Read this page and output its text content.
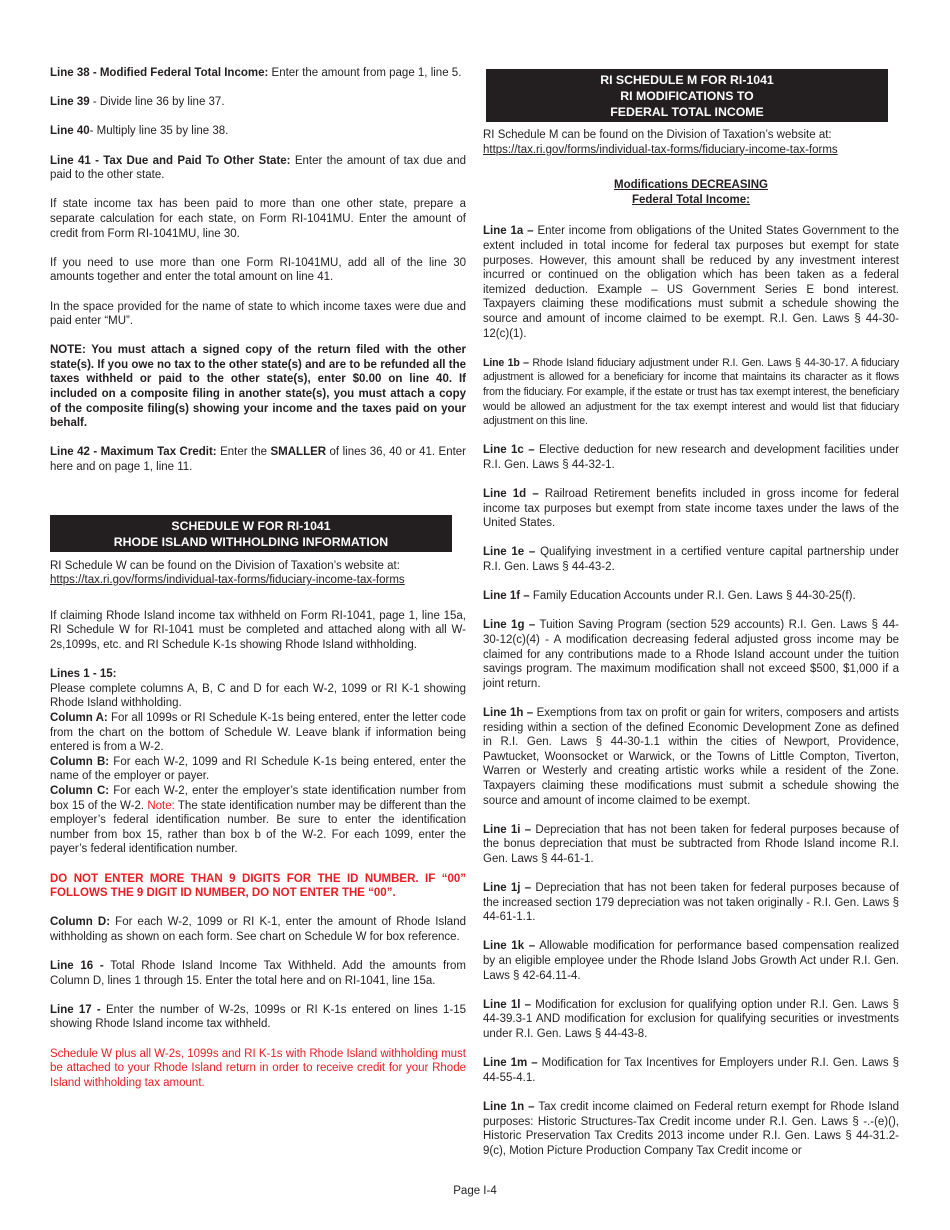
Line 38 - Modified Federal Total Income: Enter the amount from page 1, line 5.

Line 39 - Divide line 36 by line 37.

Line 40- Multiply line 35 by line 38.

Line 41 - Tax Due and Paid To Other State: Enter the amount of tax due and paid to the other state.

If state income tax has been paid to more than one other state, prepare a separate calculation for each state, on Form RI-1041MU. Enter the amount of credit from Form RI-1041MU, line 30.

If you need to use more than one Form RI-1041MU, add all of the line 30 amounts together and enter the total amount on line 41.

In the space provided for the name of state to which income taxes were due and paid enter “MU”.

NOTE: You must attach a signed copy of the return filed with the other state(s). If you owe no tax to the other state(s) and are to be refunded all the taxes withheld or paid to the other state(s), enter $0.00 on line 40. If included on a composite filing in another state(s), you must attach a copy of the composite filing(s) showing your income and the taxes paid on your behalf.

Line 42 - Maximum Tax Credit: Enter the SMALLER of lines 36, 40 or 41. Enter here and on page 1, line 11.

SCHEDULE W FOR RI-1041
RHODE ISLAND WITHHOLDING INFORMATION

RI Schedule W can be found on the Division of Taxation’s website at:

https://tax.ri.gov/forms/individual-tax-forms/fiduciary-income-tax-forms

If claiming Rhode Island income tax withheld on Form RI-1041, page 1, line 15a, RI Schedule W for RI-1041 must be completed and attached along with all W-2s,1099s, etc. and RI Schedule K-1s showing Rhode Island withholding.

Lines 1 - 15:
Please complete columns A, B, C and D for each W-2, 1099 or RI K-1 showing Rhode Island withholding.
Column A: For all 1099s or RI Schedule K-1s being entered, enter the letter code from the chart on the bottom of Schedule W. Leave blank if information being entered is from a W-2.
Column B: For each W-2, 1099 and RI Schedule K-1s being entered, enter the name of the employer or payer.
Column C: For each W-2, enter the employer’s state identification number from box 15 of the W-2. Note: The state identification number may be different than the employer’s federal identification number. Be sure to enter the identification number from box 15, rather than box b of the W-2. For each 1099, enter the payer’s federal identification number.

DO NOT ENTER MORE THAN 9 DIGITS FOR THE ID NUMBER. IF “00” FOLLOWS THE 9 DIGIT ID NUMBER, DO NOT ENTER THE “00”.

Column D: For each W-2, 1099 or RI K-1, enter the amount of Rhode Island withholding as shown on each form. See chart on Schedule W for box reference.

Line 16 - Total Rhode Island Income Tax Withheld. Add the amounts from Column D, lines 1 through 15. Enter the total here and on RI-1041, line 15a.

Line 17 - Enter the number of W-2s, 1099s or RI K-1s entered on lines 1-15 showing Rhode Island income tax withheld.

Schedule W plus all W-2s, 1099s and RI K-1s with Rhode Island withholding must be attached to your Rhode Island return in order to receive credit for your Rhode Island withholding tax amount.

RI SCHEDULE M FOR RI-1041
RI MODIFICATIONS TO
FEDERAL TOTAL INCOME

RI Schedule M can be found on the Division of Taxation’s website at:

https://tax.ri.gov/forms/individual-tax-forms/fiduciary-income-tax-forms

Modifications DECREASING
Federal Total Income:

Line 1a – Enter income from obligations of the United States Government to the extent included in total income for federal tax purposes but exempt for state purposes. However, this amount shall be reduced by any investment interest incurred or continued on the obligation which has been taken as a federal itemized deduction. Example – US Government Series E bond interest. Taxpayers claiming these modifications must submit a schedule showing the source and amount of income claimed to be exempt. R.I. Gen. Laws § 44-30-12(c)(1).

Line 1b – Rhode Island fiduciary adjustment under R.I. Gen. Laws § 44-30-17. A fiduciary adjustment is allowed for a beneficiary for income that maintains its character as it flows from the fiduciary. For example, if the estate or trust has tax exempt interest, the beneficiary would be allowed an adjustment for the tax exempt interest and would list that fiduciary adjustment on this line.

Line 1c – Elective deduction for new research and development facilities under R.I. Gen. Laws § 44-32-1.

Line 1d – Railroad Retirement benefits included in gross income for federal income tax purposes but exempt from state income taxes under the laws of the United States.

Line 1e – Qualifying investment in a certified venture capital partnership under R.I. Gen. Laws § 44-43-2.

Line 1f – Family Education Accounts under R.I. Gen. Laws § 44-30-25(f).

Line 1g – Tuition Saving Program (section 529 accounts) R.I. Gen. Laws § 44-30-12(c)(4) - A modification decreasing federal adjusted gross income may be claimed for any contributions made to a Rhode Island account under the tuition savings program. The maximum modification shall not exceed $500, $1,000 if a joint return.

Line 1h – Exemptions from tax on profit or gain for writers, composers and artists residing within a section of the defined Economic Development Zone as defined in R.I. Gen. Laws § 44-30-1.1 within the cities of Newport, Providence, Pawtucket, Woonsocket or Warwick, or the Towns of Little Compton, Tiverton, Warren or Westerly and creating artistic works while a resident of the Zone. Taxpayers claiming these modifications must submit a schedule showing the source and amount of income claimed to be exempt.

Line 1i – Depreciation that has not been taken for federal purposes because of the bonus depreciation that must be subtracted from Rhode Island income R.I. Gen. Laws § 44-61-1.

Line 1j – Depreciation that has not been taken for federal purposes because of the increased section 179 depreciation was not taken originally - R.I. Gen. Laws § 44-61-1.1.

Line 1k – Allowable modification for performance based compensation realized by an eligible employee under the Rhode Island Jobs Growth Act under R.I. Gen. Laws § 42-64.11-4.

Line 1l – Modification for exclusion for qualifying option under R.I. Gen. Laws § 44-39.3-1 AND modification for exclusion for qualifying securities or investments under R.I. Gen. Laws § 44-43-8.

Line 1m – Modification for Tax Incentives for Employers under R.I. Gen. Laws § 44-55-4.1.

Line 1n – Tax credit income claimed on Federal return exempt for Rhode Island purposes: Historic Structures-Tax Credit income under R.I. Gen. Laws § -.-(e)(), Historic Preservation Tax Credits 2013 income under R.I. Gen. Laws § 44-31.2-9(c), Motion Picture Production Company Tax Credit income or

Page I-4
